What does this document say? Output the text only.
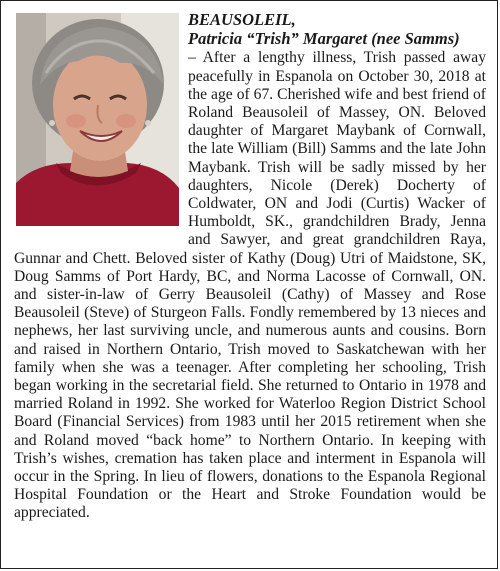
BEAUSOLEIL,
Patricia “Trish” Margaret (nee Samms)
– After a lengthy illness, Trish passed away peacefully in Espanola on October 30, 2018 at the age of 67. Cherished wife and best friend of Roland Beausoleil of Massey, ON. Beloved daughter of Margaret Maybank of Cornwall, the late William (Bill) Samms and the late John Maybank. Trish will be sadly missed by her daughters, Nicole (Derek) Docherty of Coldwater, ON and Jodi (Curtis) Wacker of Humboldt, SK., grandchildren Brady, Jenna and Sawyer, and great grandchildren Raya, Gunnar and Chett. Beloved sister of Kathy (Doug) Utri of Maidstone, SK, Doug Samms of Port Hardy, BC, and Norma Lacosse of Cornwall, ON. and sister-in-law of Gerry Beausoleil (Cathy) of Massey and Rose Beausoleil (Steve) of Sturgeon Falls. Fondly remembered by 13 nieces and nephews, her last surviving uncle, and numerous aunts and cousins. Born and raised in Northern Ontario, Trish moved to Saskatchewan with her family when she was a teenager. After completing her schooling, Trish began working in the secretarial field. She returned to Ontario in 1978 and married Roland in 1992. She worked for Waterloo Region District School Board (Financial Services) from 1983 until her 2015 retirement when she and Roland moved “back home” to Northern Ontario. In keeping with Trish’s wishes, cremation has taken place and interment in Espanola will occur in the Spring. In lieu of flowers, donations to the Espanola Regional Hospital Foundation or the Heart and Stroke Foundation would be appreciated.
